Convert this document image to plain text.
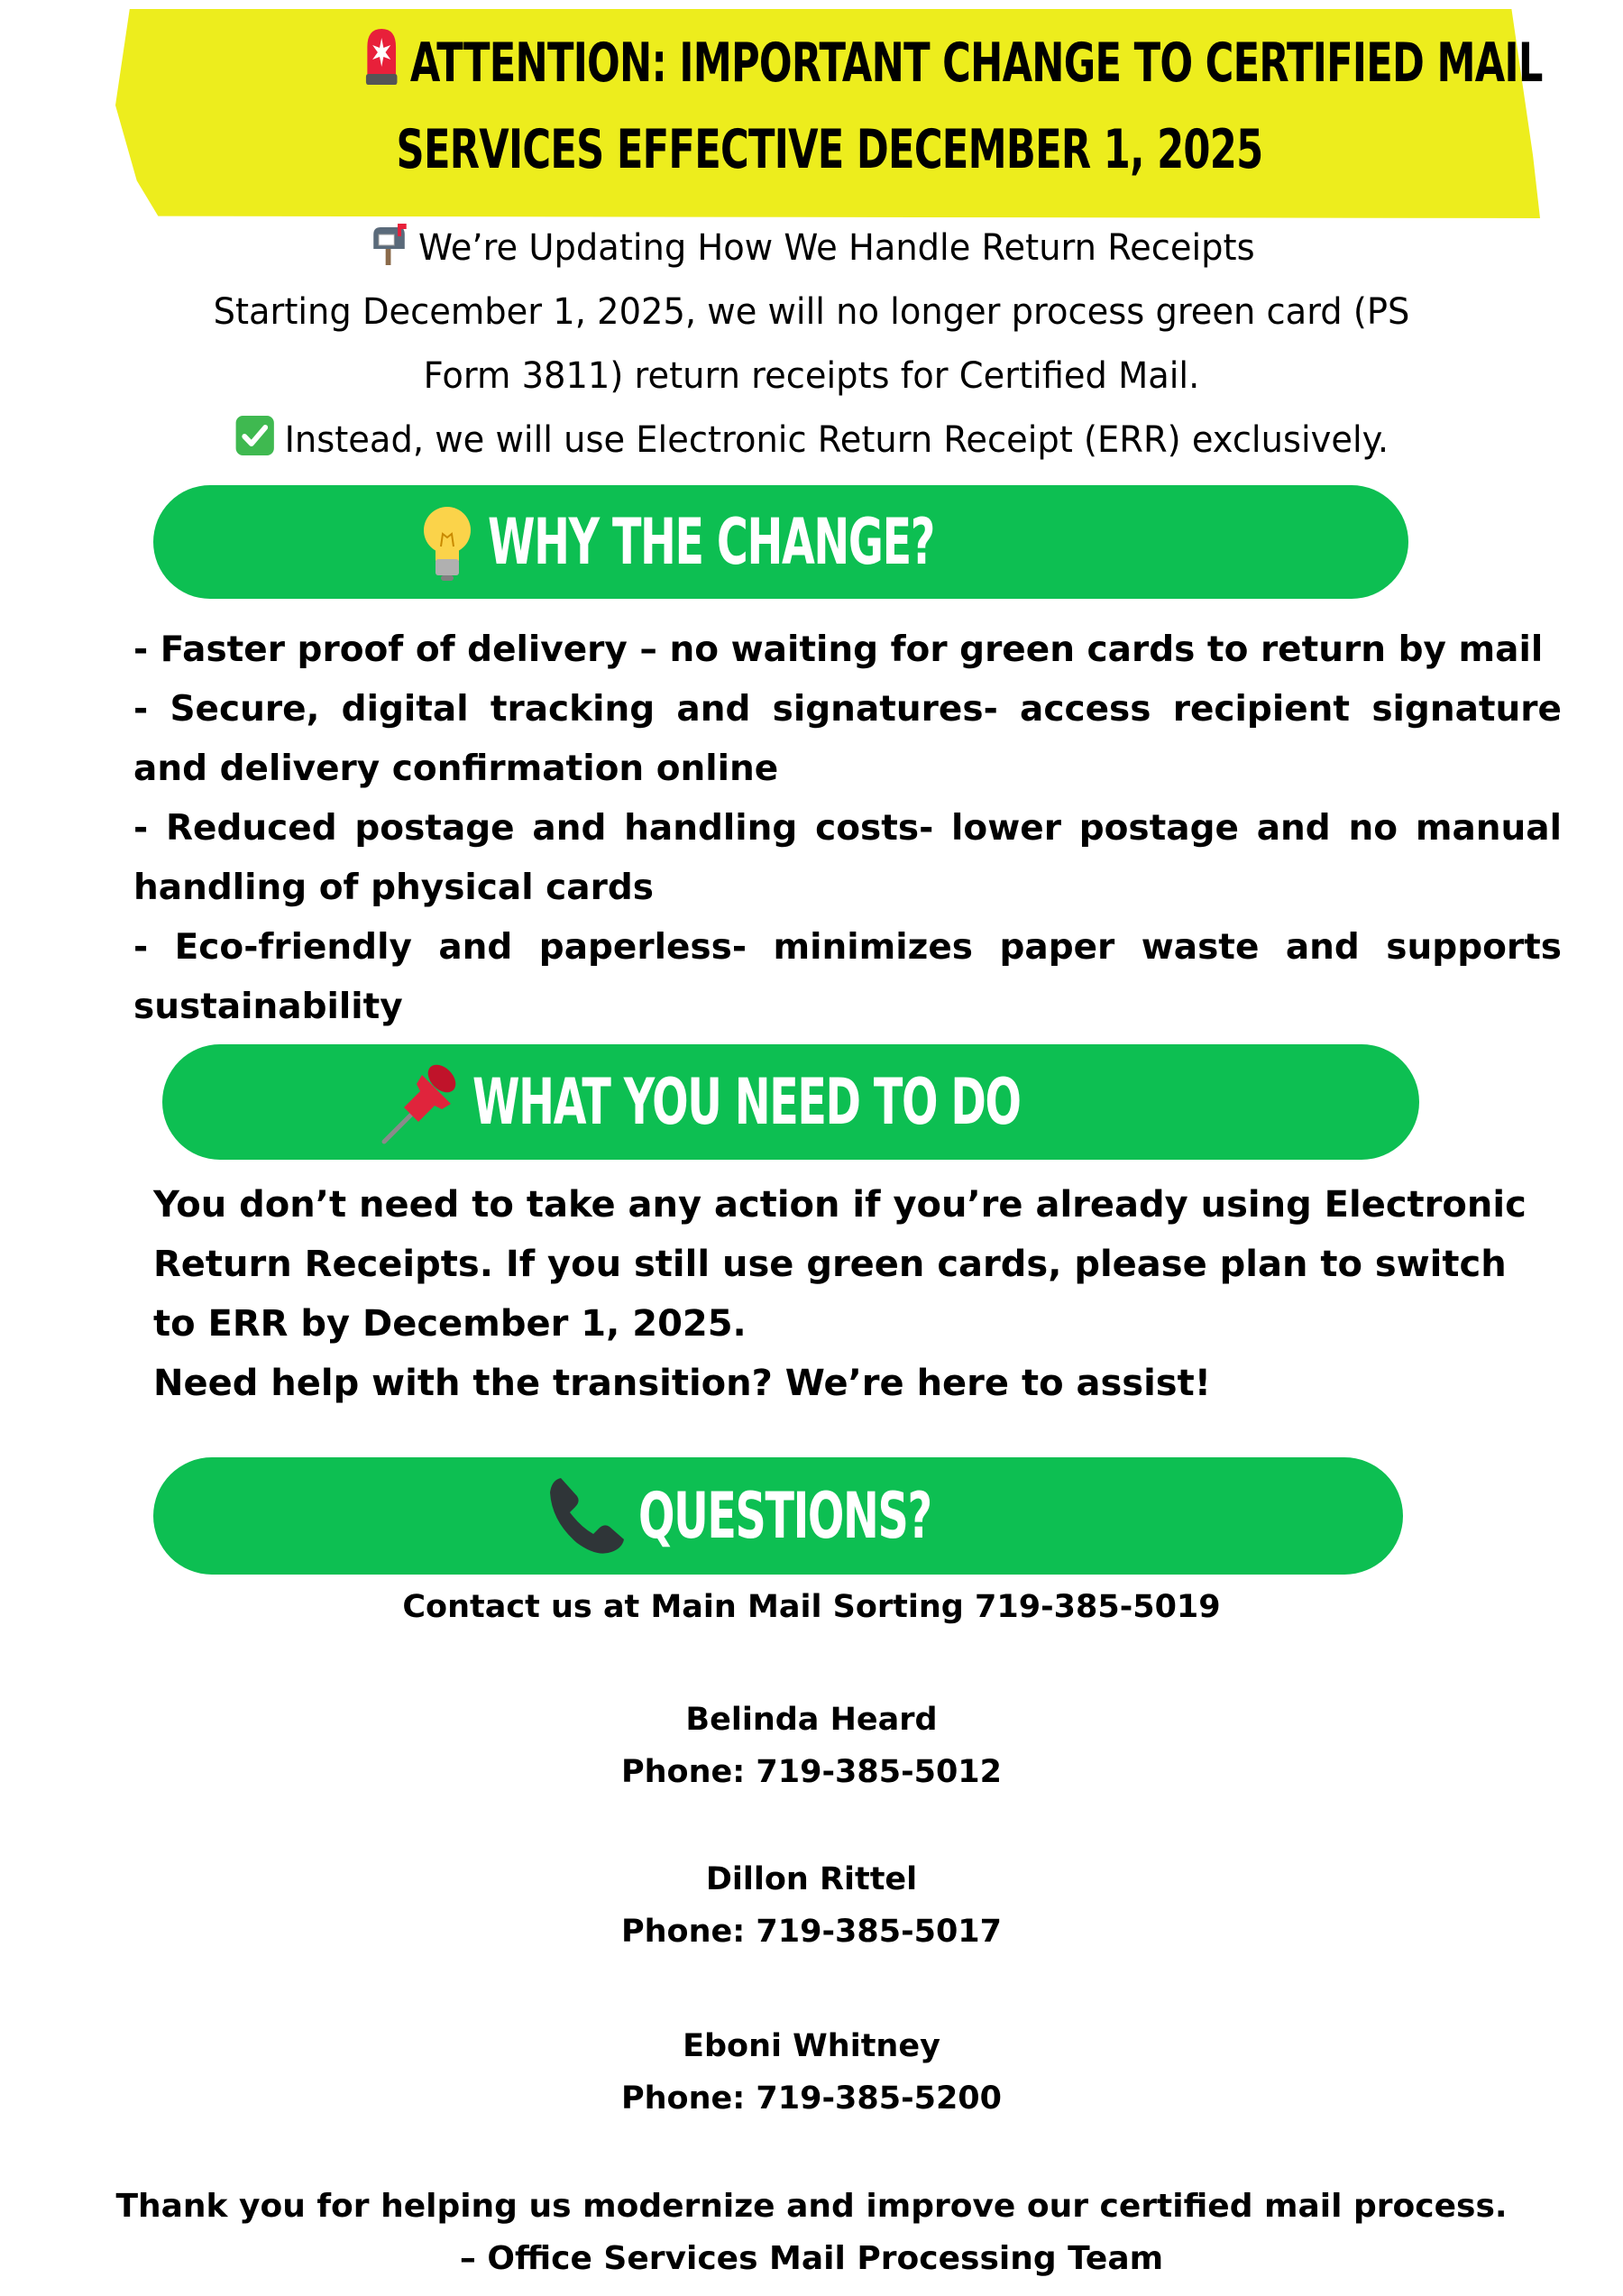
ATTENTION: IMPORTANT CHANGE TO CERTIFIED MAIL
SERVICES EFFECTIVE DECEMBER 1, 2025
We’re Updating How We Handle Return Receipts
Starting December 1, 2025, we will no longer process green card (PS
Form 3811) return receipts for Certified Mail.
Instead, we will use Electronic Return Receipt (ERR) exclusively.
WHY THE CHANGE?

- Faster proof of delivery – no waiting for green cards to return by mail

- Secure, digital tracking and signatures- access recipient signature and delivery confirmation online

- Reduced postage and handling costs- lower postage and no manual handling of physical cards

- Eco-friendly and paperless- minimizes paper waste and supports sustainability

WHAT YOU NEED TO DO
You don’t need to take any action if you’re already using Electronic
Return Receipts. If you still use green cards, please plan to switch
to ERR by December 1, 2025.
Need help with the transition? We’re here to assist!
QUESTIONS?
Contact us at Main Mail Sorting 719-385-5019
Belinda Heard
Phone: 719-385-5012
Dillon Rittel
Phone: 719-385-5017
Eboni Whitney
Phone: 719-385-5200
Thank you for helping us modernize and improve our certified mail process.
– Office Services Mail Processing Team
